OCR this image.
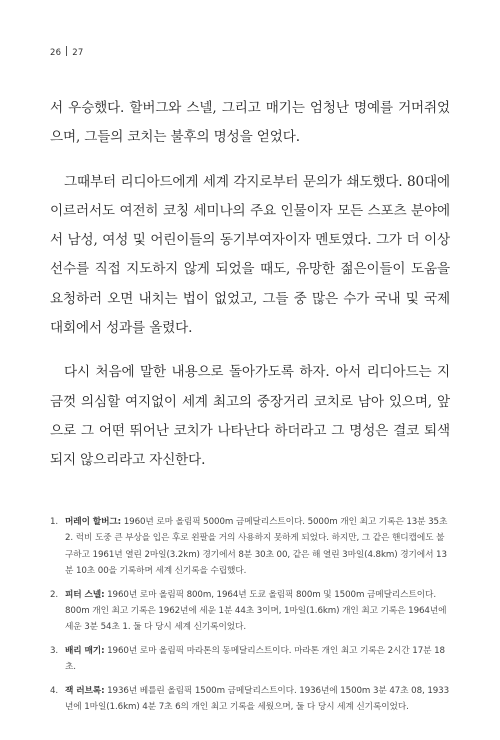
26 27

서 우승했다. 할버그와 스넬, 그리고 매기는 엄청난 명예를 거머쥐었으며, 그들의 코치는 불후의 명성을 얻었다.

그때부터 리디아드에게 세계 각지로부터 문의가 쇄도했다. 80대에 이르러서도 여전히 코칭 세미나의 주요 인물이자 모든 스포츠 분야에서 남성, 여성 및 어린이들의 동기부여자이자 멘토였다. 그가 더 이상 선수를 직접 지도하지 않게 되었을 때도, 유망한 젊은이들이 도움을 요청하러 오면 내치는 법이 없었고, 그들 중 많은 수가 국내 및 국제 대회에서 성과를 올렸다.

다시 처음에 말한 내용으로 돌아가도록 하자. 아서 리디아드는 지금껏 의심할 여지없이 세계 최고의 중장거리 코치로 남아 있으며, 앞으로 그 어떤 뛰어난 코치가 나타난다 하더라고 그 명성은 결코 퇴색되지 않으리라고 자신한다.

1. 머레이 할버그: 1960년 로마 올림픽 5000m 금메달리스트이다. 5000m 개인 최고 기록은 13분 35초 2. 럭비 도중 큰 부상을 입은 후로 왼팔을 거의 사용하지 못하게 되었다. 하지만, 그 같은 핸디캡에도 불구하고 1961년 열린 2마일(3.2km) 경기에서 8분 30초 00, 같은 해 열린 3마일(4.8km) 경기에서 13분 10초 00을 기록하며 세계 신기록을 수립했다.
2. 피터 스넬: 1960년 로마 올림픽 800m, 1964년 도쿄 올림픽 800m 및 1500m 금메달리스트이다. 800m 개인 최고 기록은 1962년에 세운 1분 44초 3이며, 1마일(1.6km) 개인 최고 기록은 1964년에 세운 3분 54초 1. 둘 다 당시 세계 신기록이었다.
3. 배리 매기: 1960년 로마 올림픽 마라톤의 동메달리스트이다. 마라톤 개인 최고 기록은 2시간 17분 18초.
4. 잭 러브록: 1936년 베를린 올림픽 1500m 금메달리스트이다. 1936년에 1500m 3분 47초 08, 1933년에 1마일(1.6km) 4분 7초 6의 개인 최고 기록을 세웠으며, 둘 다 당시 세계 신기록이었다.
